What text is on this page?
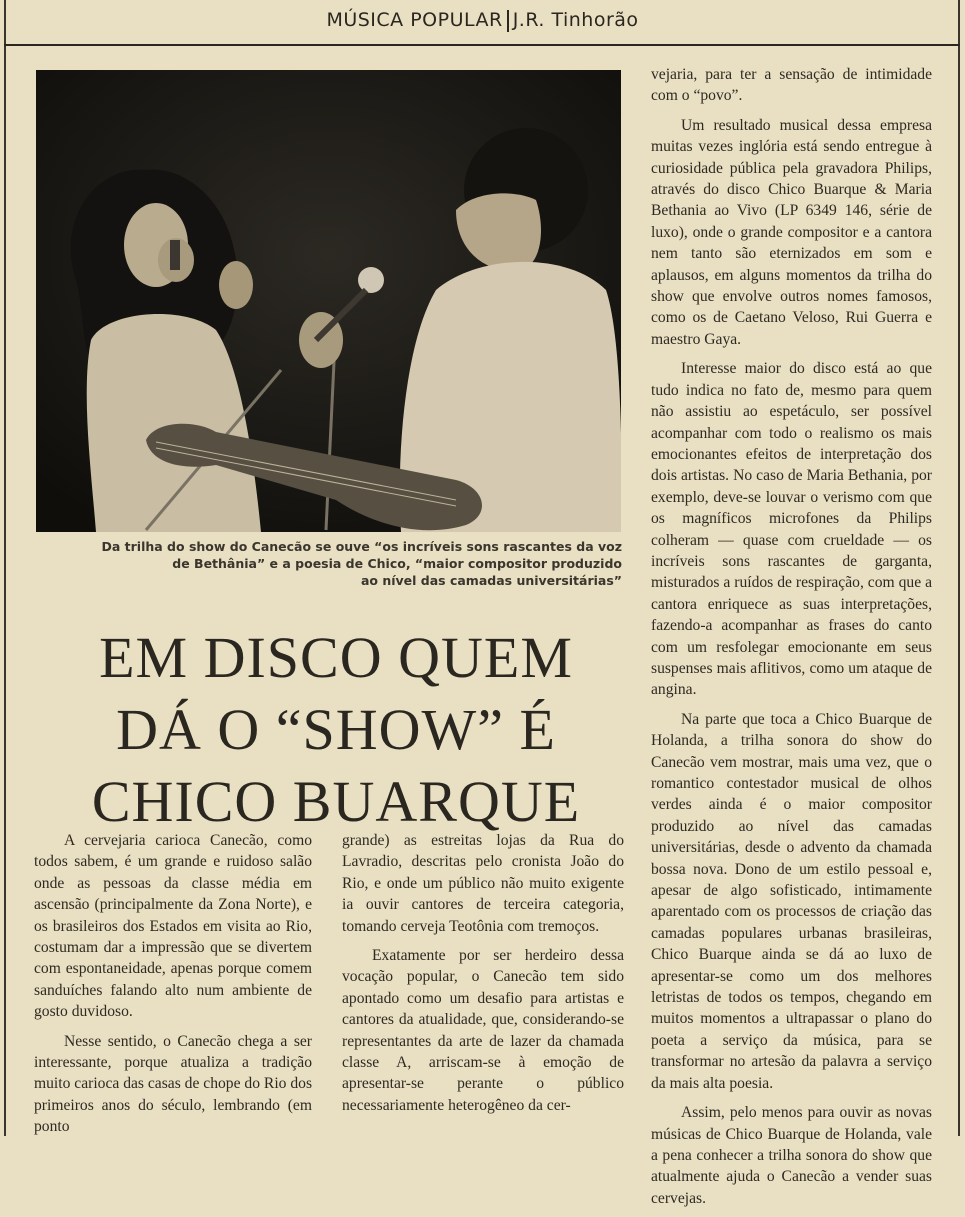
MÚSICA POPULAR J.R. Tinhorão
Da trilha do show do Canecão se ouve “os incríveis sons rascantes da voz
de Bethânia” e a poesia de Chico, “maior compositor produzido
ao nível das camadas universitárias”
EM DISCO QUEM
DÁ O “SHOW” É
CHICO BUARQUE

A cervejaria carioca Canecão, como todos sabem, é um grande e ruidoso salão onde as pessoas da classe média em ascensão (principalmente da Zona Norte), e os brasileiros dos Estados em visita ao Rio, costumam dar a impressão que se divertem com espontaneidade, apenas porque comem sanduíches falando alto num ambiente de gosto duvidoso.

Nesse sentido, o Canecão chega a ser interessante, porque atualiza a tradição muito carioca das casas de chope do Rio dos primeiros anos do século, lembrando (em ponto

grande) as estreitas lojas da Rua do Lavradio, descritas pelo cronista João do Rio, e onde um público não muito exigente ia ouvir cantores de terceira categoria, tomando cerveja Teotônia com tremoços.

Exatamente por ser herdeiro dessa vocação popular, o Canecão tem sido apontado como um desafio para artistas e cantores da atualidade, que, considerando-se representantes da arte de lazer da chamada classe A, arriscam-se à emoção de apresentar-se perante o público necessariamente heterogêneo da cer-

vejaria, para ter a sensação de intimidade com o “povo”.

Um resultado musical dessa empresa muitas vezes inglória está sendo entregue à curiosidade pública pela gravadora Philips, através do disco Chico Buarque & Maria Bethania ao Vivo (LP 6349 146, série de luxo), onde o grande compositor e a cantora nem tanto são eternizados em som e aplausos, em alguns momentos da trilha do show que envolve outros nomes famosos, como os de Caetano Veloso, Rui Guerra e maestro Gaya.

Interesse maior do disco está ao que tudo indica no fato de, mesmo para quem não assistiu ao espetáculo, ser possível acompanhar com todo o realismo os mais emocionantes efeitos de interpretação dos dois artistas. No caso de Maria Bethania, por exemplo, deve-se louvar o verismo com que os magníficos microfones da Philips colheram — quase com crueldade — os incríveis sons rascantes de garganta, misturados a ruídos de respiração, com que a cantora enriquece as suas interpretações, fazendo-a acompanhar as frases do canto com um resfolegar emocionante em seus suspenses mais aflitivos, como um ataque de angina.

Na parte que toca a Chico Buarque de Holanda, a trilha sonora do show do Canecão vem mostrar, mais uma vez, que o romantico contestador musical de olhos verdes ainda é o maior compositor produzido ao nível das camadas universitárias, desde o advento da chamada bossa nova. Dono de um estilo pessoal e, apesar de algo sofisticado, intimamente aparentado com os processos de criação das camadas populares urbanas brasileiras, Chico Buarque ainda se dá ao luxo de apresentar-se como um dos melhores letristas de todos os tempos, chegando em muitos momentos a ultrapassar o plano do poeta a serviço da música, para se transformar no artesão da palavra a serviço da mais alta poesia.

Assim, pelo menos para ouvir as novas músicas de Chico Buarque de Holanda, vale a pena conhecer a trilha sonora do show que atualmente ajuda o Canecão a vender suas cervejas.
